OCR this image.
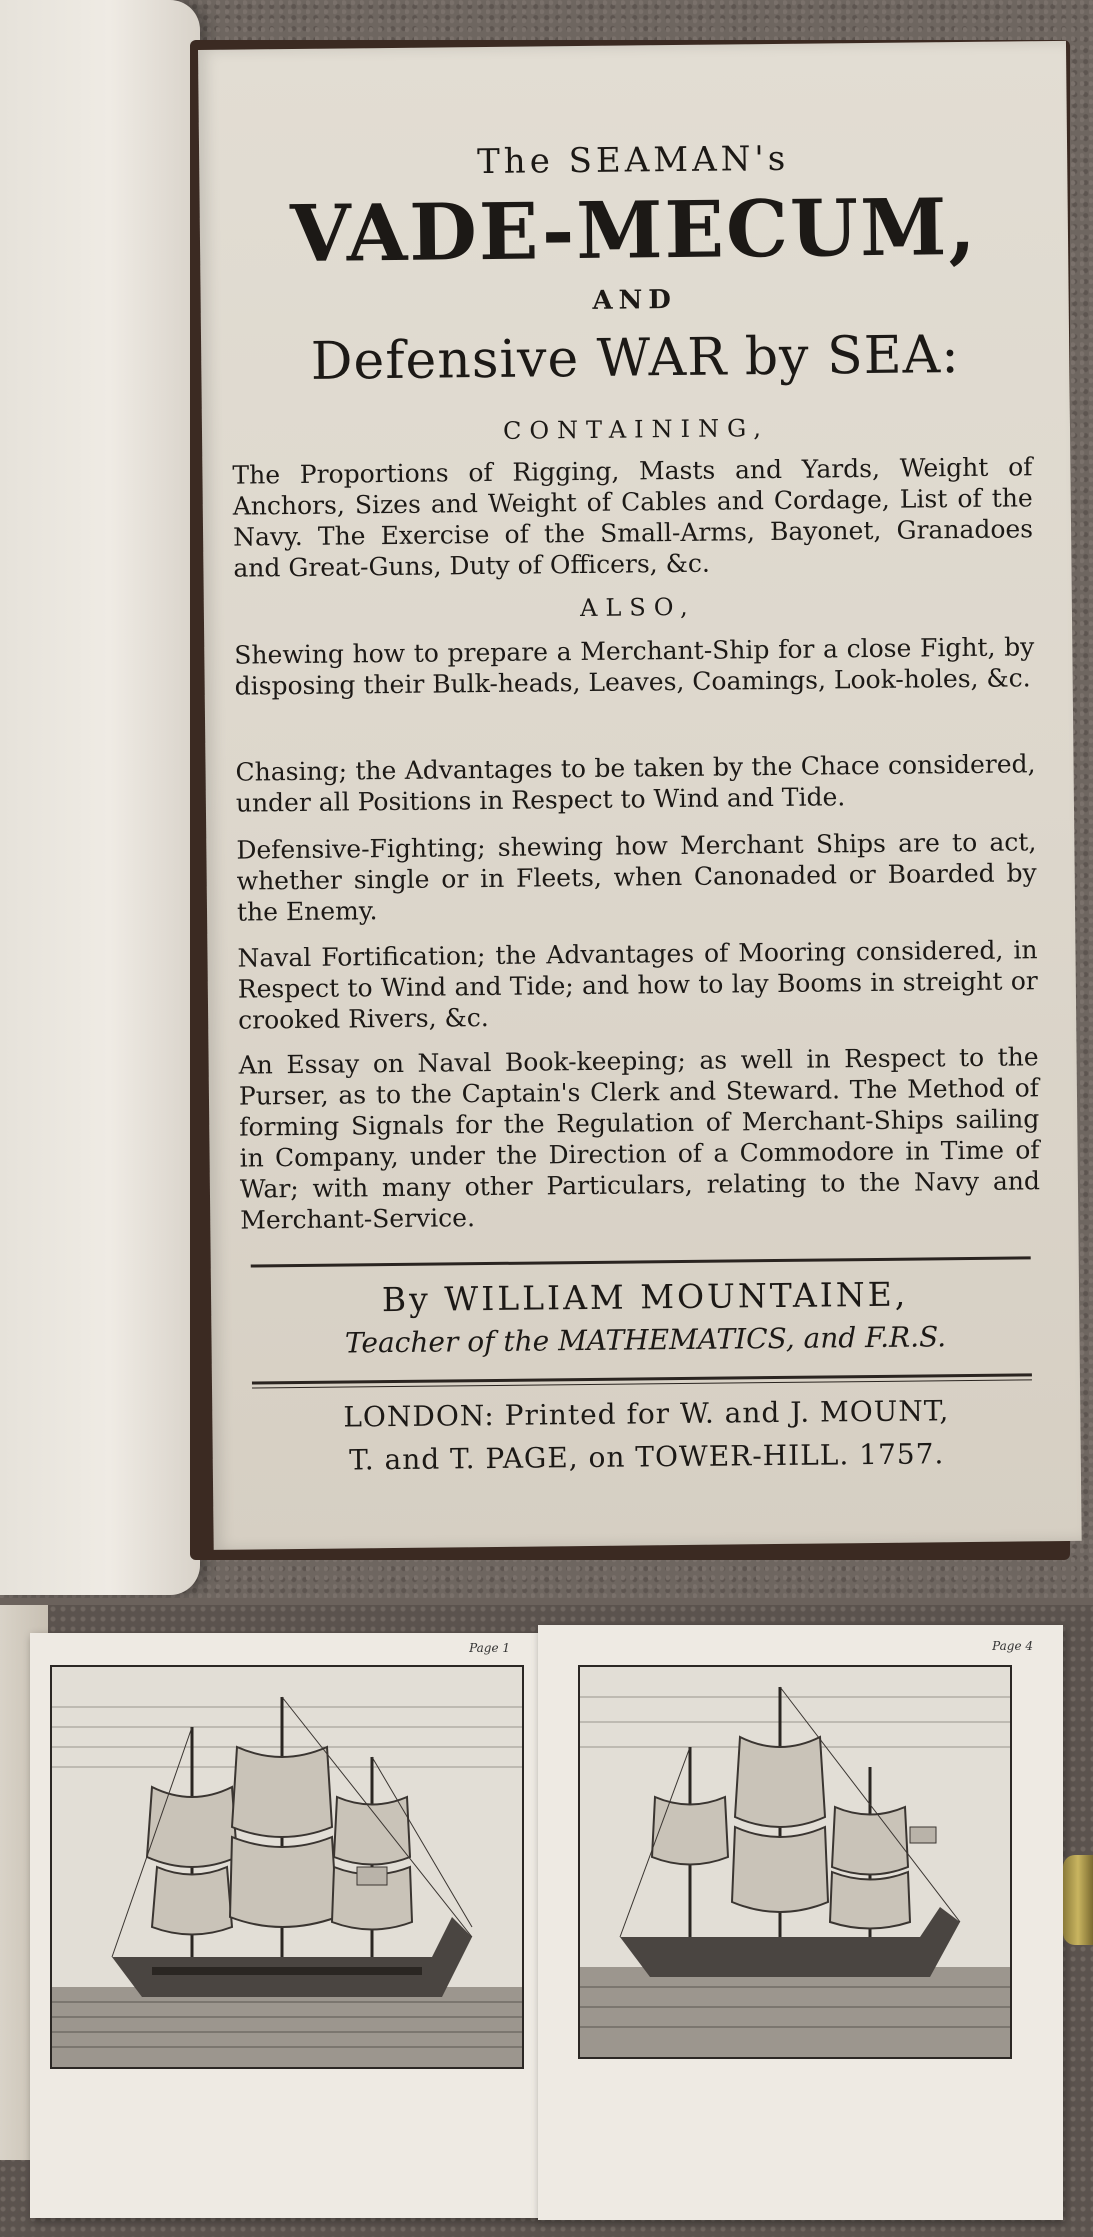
The SEAMAN's
VADE-MECUM,
AND
Defensive WAR by SEA:
CONTAINING,
The Proportions of Rigging, Masts and Yards, Weight of Anchors, Sizes and Weight of Cables and Cordage, List of the Navy. The Exercise of the Small-Arms, Bayonet, Granadoes and Great-Guns, Duty of Officers, &c.
ALSO,
Shewing how to prepare a Merchant-Ship for a close Fight, by disposing their Bulk-heads, Leaves, Coamings, Look-holes, &c.
Chasing; the Advantages to be taken by the Chace considered, under all Positions in Respect to Wind and Tide.
Defensive-Fighting; shewing how Merchant Ships are to act, whether single or in Fleets, when Canonaded or Boarded by the Enemy.
Naval Fortification; the Advantages of Mooring considered, in Respect to Wind and Tide; and how to lay Booms in streight or crooked Rivers, &c.
An Essay on Naval Book-keeping; as well in Respect to the Purser, as to the Captain's Clerk and Steward. The Method of forming Signals for the Regulation of Merchant-Ships sailing in Company, under the Direction of a Commodore in Time of War; with many other Particulars, relating to the Navy and Merchant-Service.
By WILLIAM MOUNTAINE,
Teacher of the MATHEMATICS, and F.R.S.
LONDON: Printed for W. and J. MOUNT,
T. and T. PAGE, on TOWER-HILL. 1757.
Page 1	Page 4
